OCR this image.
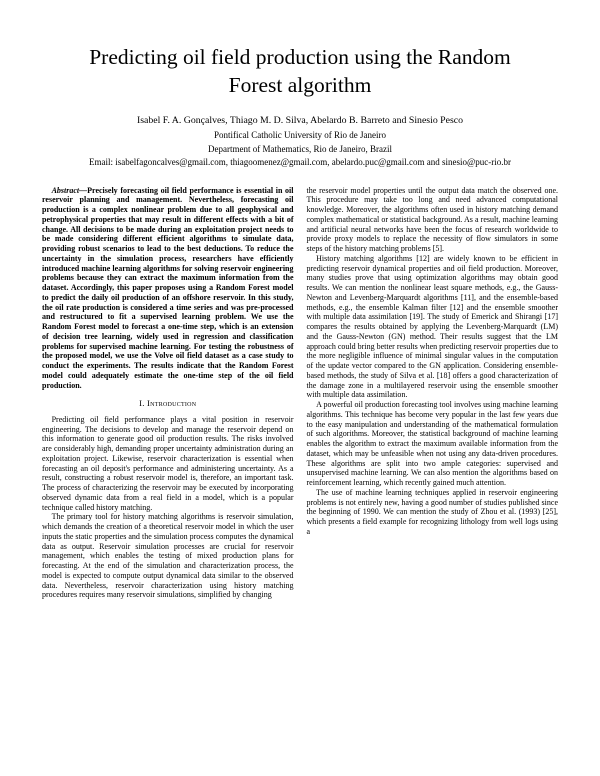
Predicting oil field production using the Random Forest algorithm
Isabel F. A. Gonçalves, Thiago M. D. Silva, Abelardo B. Barreto and Sinesio Pesco
Pontifical Catholic University of Rio de Janeiro
Department of Mathematics, Rio de Janeiro, Brazil
Email: isabelfagoncalves@gmail.com, thiagoomenez@gmail.com, abelardo.puc@gmail.com and sinesio@puc-rio.br

Abstract—Precisely forecasting oil field performance is essential in oil reservoir planning and management. Nevertheless, forecasting oil production is a complex nonlinear problem due to all geophysical and petrophysical properties that may result in different effects with a bit of change. All decisions to be made during an exploitation project needs to be made considering different efficient algorithms to simulate data, providing robust scenarios to lead to the best deductions. To reduce the uncertainty in the simulation process, researchers have efficiently introduced machine learning algorithms for solving reservoir engineering problems because they can extract the maximum information from the dataset. Accordingly, this paper proposes using a Random Forest model to predict the daily oil production of an offshore reservoir. In this study, the oil rate production is considered a time series and was pre-processed and restructured to fit a supervised learning problem. We use the Random Forest model to forecast a one-time step, which is an extension of decision tree learning, widely used in regression and classification problems for supervised machine learning. For testing the robustness of the proposed model, we use the Volve oil field dataset as a case study to conduct the experiments. The results indicate that the Random Forest model could adequately estimate the one-time step of the oil field production.

I. Introduction

Predicting oil field performance plays a vital position in reservoir engineering. The decisions to develop and manage the reservoir depend on this information to generate good oil production results. The risks involved are considerably high, demanding proper uncertainty administration during an exploitation project. Likewise, reservoir characterization is essential when forecasting an oil deposit's performance and administering uncertainty. As a result, constructing a robust reservoir model is, therefore, an important task. The process of characterizing the reservoir may be executed by incorporating observed dynamic data from a real field in a model, which is a popular technique called history matching.

The primary tool for history matching algorithms is reservoir simulation, which demands the creation of a theoretical reservoir model in which the user inputs the static properties and the simulation process computes the dynamical data as output. Reservoir simulation processes are crucial for reservoir management, which enables the testing of mixed production plans for forecasting. At the end of the simulation and characterization process, the model is expected to compute output dynamical data similar to the observed data. Nevertheless, reservoir characterization using history matching procedures requires many reservoir simulations, simplified by changing

the reservoir model properties until the output data match the observed one. This procedure may take too long and need advanced computational knowledge. Moreover, the algorithms often used in history matching demand complex mathematical or statistical background. As a result, machine learning and artificial neural networks have been the focus of research worldwide to provide proxy models to replace the necessity of flow simulators in some steps of the history matching problems [5].

History matching algorithms [12] are widely known to be efficient in predicting reservoir dynamical properties and oil field production. Moreover, many studies prove that using optimization algorithms may obtain good results. We can mention the nonlinear least square methods, e.g., the Gauss-Newton and Levenberg-Marquardt algorithms [11], and the ensemble-based methods, e.g., the ensemble Kalman filter [12] and the ensemble smoother with multiple data assimilation [19]. The study of Emerick and Shirangi [17] compares the results obtained by applying the Levenberg-Marquardt (LM) and the Gauss-Newton (GN) method. Their results suggest that the LM approach could bring better results when predicting reservoir properties due to the more negligible influence of minimal singular values in the computation of the update vector compared to the GN application. Considering ensemble-based methods, the study of Silva et al. [18] offers a good characterization of the damage zone in a multilayered reservoir using the ensemble smoother with multiple data assimilation.

A powerful oil production forecasting tool involves using machine learning algorithms. This technique has become very popular in the last few years due to the easy manipulation and understanding of the mathematical formulation of such algorithms. Moreover, the statistical background of machine learning enables the algorithm to extract the maximum available information from the dataset, which may be unfeasible when not using any data-driven procedures. These algorithms are split into two ample categories: supervised and unsupervised machine learning. We can also mention the algorithms based on reinforcement learning, which recently gained much attention.

The use of machine learning techniques applied in reservoir engineering problems is not entirely new, having a good number of studies published since the beginning of 1990. We can mention the study of Zhou et al. (1993) [25], which presents a field example for recognizing lithology from well logs using a
